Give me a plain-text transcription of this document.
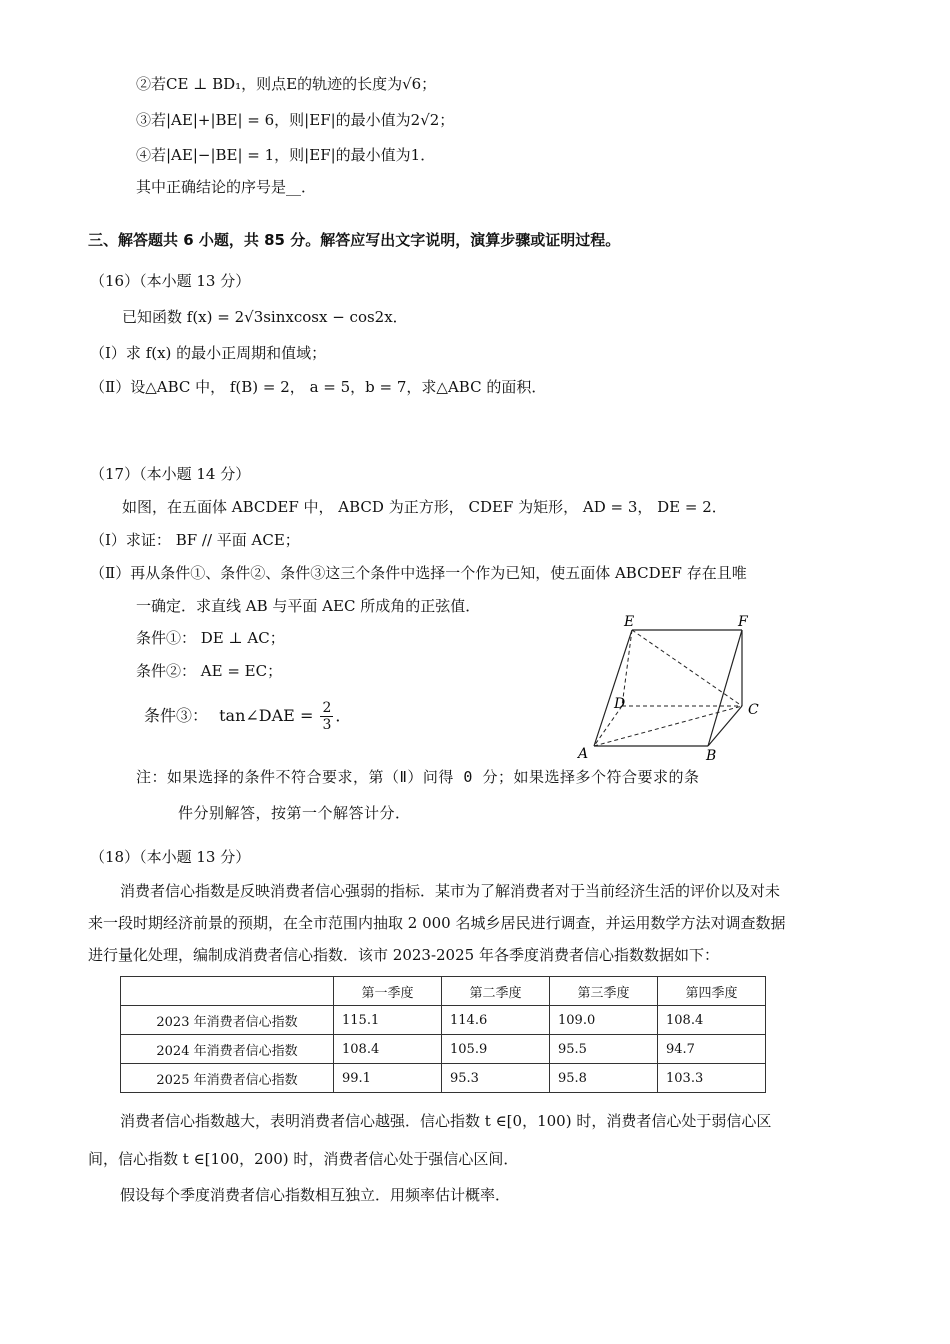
②若CE ⊥ BD₁，则点E的轨迹的长度为√6；
③若|AE|+|BE| = 6，则|EF|的最小值为2√2；
④若|AE|−|BE| = 1，则|EF|的最小值为1．
其中正确结论的序号是__．
三、解答题共 6 小题，共 85 分。解答应写出文字说明，演算步骤或证明过程。
（16）（本小题 13 分）
已知函数 f(x) = 2√3sinxcosx − cos2x．
（Ⅰ）求 f(x) 的最小正周期和值域；
（Ⅱ）设△ABC 中， f(B) = 2， a = 5，b = 7，求△ABC 的面积．
（17）（本小题 14 分）
如图，在五面体 ABCDEF 中， ABCD 为正方形， CDEF 为矩形， AD = 3， DE = 2．
（Ⅰ）求证： BF // 平面 ACE；
（Ⅱ）再从条件①、条件②、条件③这三个条件中选择一个作为已知，使五面体 ABCDEF 存在且唯
一确定．求直线 AB 与平面 AEC 所成角的正弦值．
条件①： DE ⊥ AC；
条件②： AE = EC；
条件③： tan∠DAE = $\frac{2}{3}$ ．
E	F
D	C
A	B
注：如果选择的条件不符合要求，第（Ⅱ）问得 0 分；如果选择多个符合要求的条
件分别解答，按第一个解答计分．
（18）（本小题 13 分）
消费者信心指数是反映消费者信心强弱的指标．某市为了解消费者对于当前经济生活的评价以及对未
来一段时期经济前景的预期，在全市范围内抽取 2 000 名城乡居民进行调查，并运用数学方法对调查数据
进行量化处理，编制成消费者信心指数．该市 2023-2025 年各季度消费者信心指数数据如下：
	第一季度	第二季度	第三季度	第四季度
2023 年消费者信心指数	115.1	114.6	109.0	108.4
2024 年消费者信心指数	108.4	105.9	95.5	94.7
2025 年消费者信心指数	99.1	95.3	95.8	103.3
消费者信心指数越大，表明消费者信心越强．信心指数 t ∈[0，100) 时，消费者信心处于弱信心区
间，信心指数 t ∈[100，200) 时，消费者信心处于强信心区间．
假设每个季度消费者信心指数相互独立．用频率估计概率．
